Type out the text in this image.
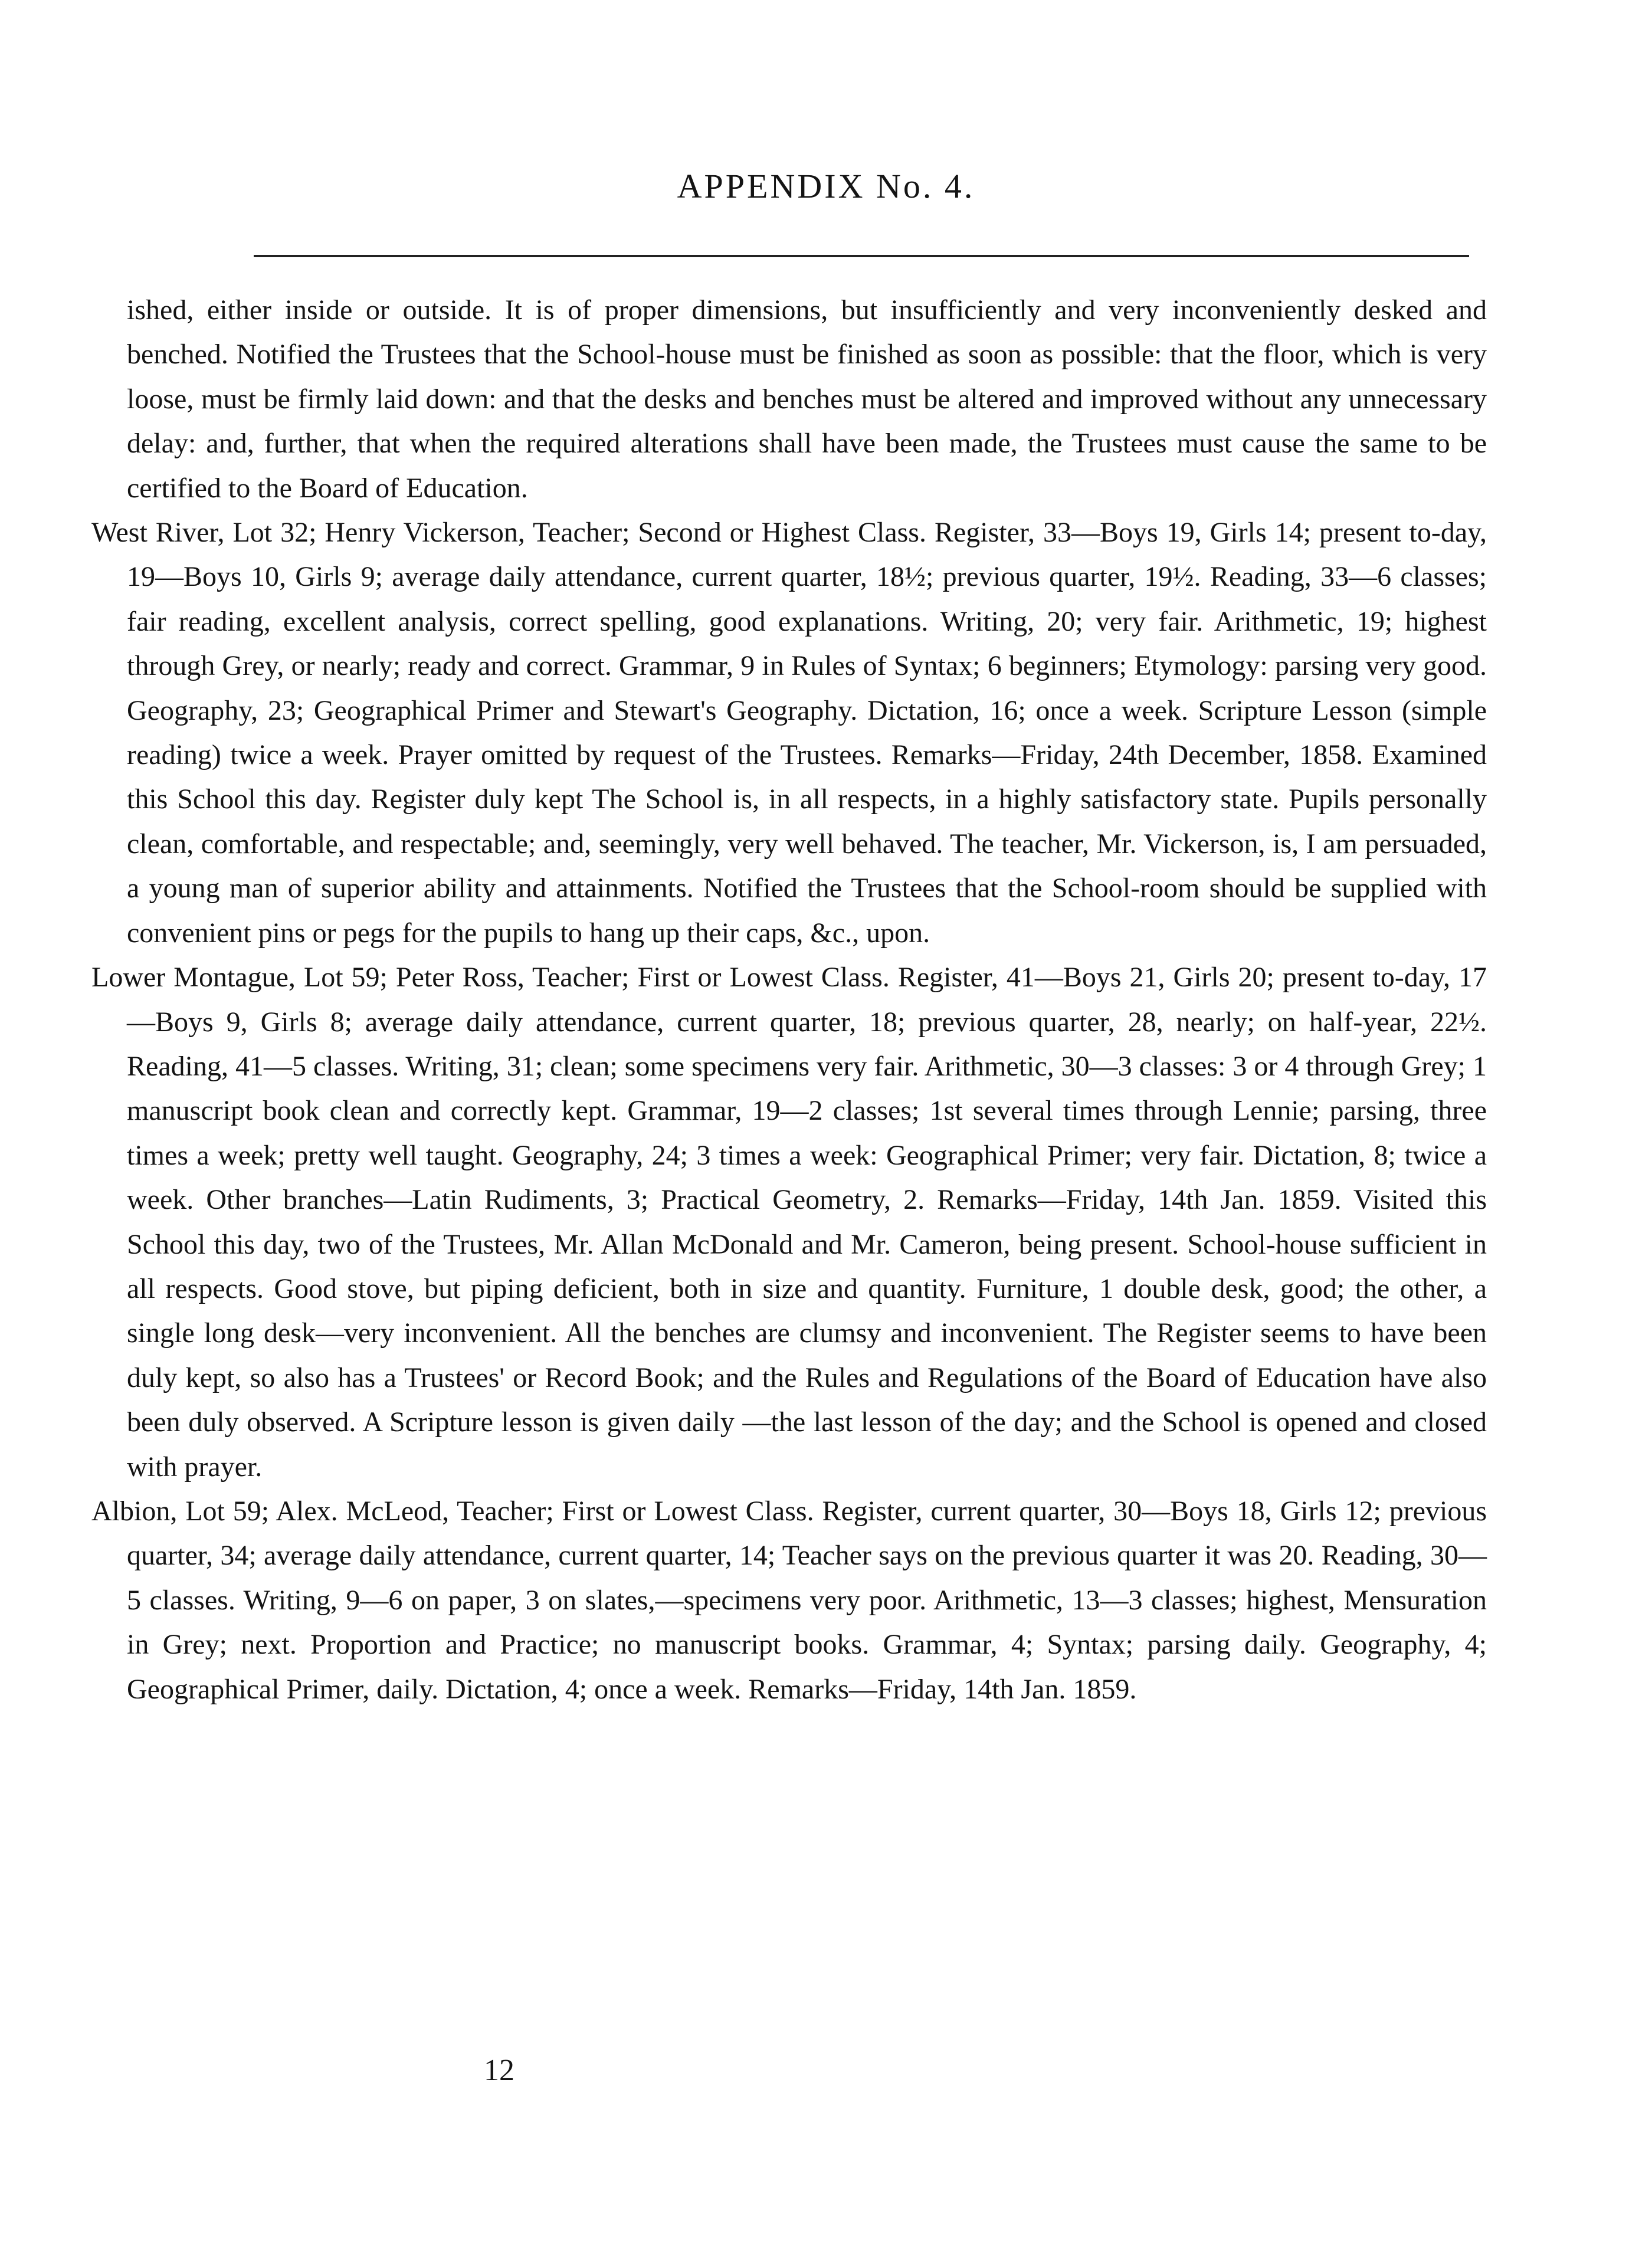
APPENDIX No. 4.

ished, either inside or outside. It is of proper dimensions, but insufficiently and very inconveniently desked and benched. Notified the Trustees that the School-house must be finished as soon as possible: that the floor, which is very loose, must be firmly laid down: and that the desks and benches must be altered and improved without any unnecessary delay: and, further, that when the required alterations shall have been made, the Trustees must cause the same to be certified to the Board of Education.

West River, Lot 32; Henry Vickerson, Teacher; Second or Highest Class. Register, 33—Boys 19, Girls 14; present to-day, 19—Boys 10, Girls 9; average daily attendance, current quarter, 18½; previous quarter, 19½. Reading, 33—6 classes; fair reading, excellent analysis, correct spelling, good explanations. Writing, 20; very fair. Arithmetic, 19; highest through Grey, or nearly; ready and correct. Grammar, 9 in Rules of Syntax; 6 beginners; Etymology: parsing very good. Geography, 23; Geographical Primer and Stewart's Geography. Dictation, 16; once a week. Scripture Lesson (simple reading) twice a week. Prayer omitted by request of the Trustees. Remarks—Friday, 24th December, 1858. Examined this School this day. Register duly kept The School is, in all respects, in a highly satisfactory state. Pupils personally clean, comfortable, and respectable; and, seemingly, very well behaved. The teacher, Mr. Vickerson, is, I am persuaded, a young man of superior ability and attainments. Notified the Trustees that the School-room should be supplied with convenient pins or pegs for the pupils to hang up their caps, &c., upon.

Lower Montague, Lot 59; Peter Ross, Teacher; First or Lowest Class. Register, 41—Boys 21, Girls 20; present to-day, 17—Boys 9, Girls 8; average daily attendance, current quarter, 18; previous quarter, 28, nearly; on half-year, 22½. Reading, 41—5 classes. Writing, 31; clean; some specimens very fair. Arithmetic, 30—3 classes: 3 or 4 through Grey; 1 manuscript book clean and correctly kept. Grammar, 19—2 classes; 1st several times through Lennie; parsing, three times a week; pretty well taught. Geography, 24; 3 times a week: Geographical Primer; very fair. Dictation, 8; twice a week. Other branches—Latin Rudiments, 3; Practical Geometry, 2. Remarks—Friday, 14th Jan. 1859. Visited this School this day, two of the Trustees, Mr. Allan McDonald and Mr. Cameron, being present. School-house sufficient in all respects. Good stove, but piping deficient, both in size and quantity. Furniture, 1 double desk, good; the other, a single long desk—very inconvenient. All the benches are clumsy and inconvenient. The Register seems to have been duly kept, so also has a Trustees' or Record Book; and the Rules and Regulations of the Board of Education have also been duly observed. A Scripture lesson is given daily —the last lesson of the day; and the School is opened and closed with prayer.

Albion, Lot 59; Alex. McLeod, Teacher; First or Lowest Class. Register, current quarter, 30—Boys 18, Girls 12; previous quarter, 34; average daily attendance, current quarter, 14; Teacher says on the previous quarter it was 20. Reading, 30—5 classes. Writing, 9—6 on paper, 3 on slates,—specimens very poor. Arithmetic, 13—3 classes; highest, Mensuration in Grey; next. Proportion and Practice; no manuscript books. Grammar, 4; Syntax; parsing daily. Geography, 4; Geographical Primer, daily. Dictation, 4; once a week. Remarks—Friday, 14th Jan. 1859.

12
